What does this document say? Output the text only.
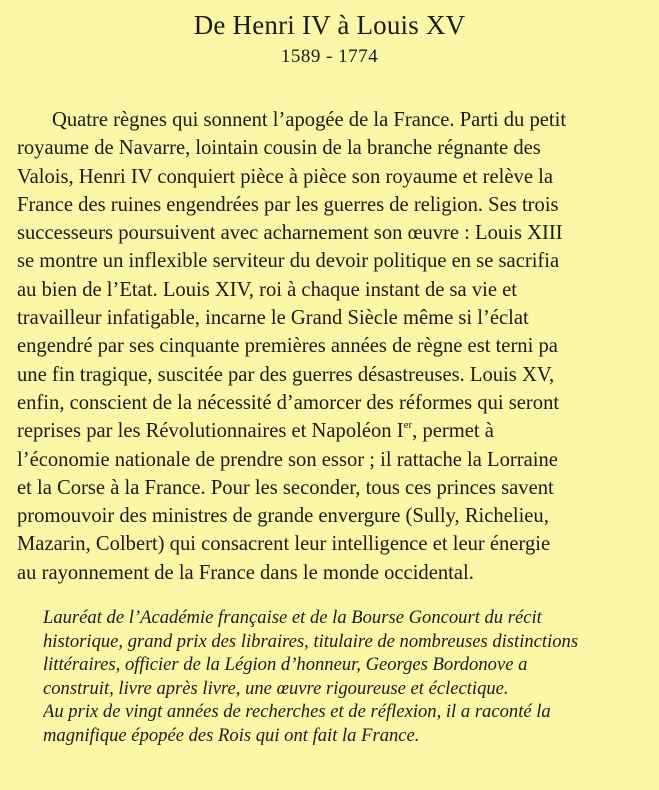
De Henri IV à Louis XV
1589 - 1774
Quatre règnes qui sonnent l’apogée de la France. Parti du petit
royaume de Navarre, lointain cousin de la branche régnante des
Valois, Henri IV conquiert pièce à pièce son royaume et relève la
France des ruines engendrées par les guerres de religion. Ses trois
successeurs poursuivent avec acharnement son œuvre : Louis XIII
se montre un inflexible serviteur du devoir politique en se sacrifia
au bien de l’Etat. Louis XIV, roi à chaque instant de sa vie et
travailleur infatigable, incarne le Grand Siècle même si l’éclat
engendré par ses cinquante premières années de règne est terni pa
une fin tragique, suscitée par des guerres désastreuses. Louis XV,
enfin, conscient de la nécessité d’amorcer des réformes qui seront
reprises par les Révolutionnaires et Napoléon Ier, permet à
l’économie nationale de prendre son essor ; il rattache la Lorraine
et la Corse à la France. Pour les seconder, tous ces princes savent
promouvoir des ministres de grande envergure (Sully, Richelieu,
Mazarin, Colbert) qui consacrent leur intelligence et leur énergie
au rayonnement de la France dans le monde occidental.
Lauréat de l’Académie française et de la Bourse Goncourt du récit
historique, grand prix des libraires, titulaire de nombreuses distinctions
littéraires, officier de la Légion d’honneur, Georges Bordonove a
construit, livre après livre, une œuvre rigoureuse et éclectique.
Au prix de vingt années de recherches et de réflexion, il a raconté la
magnifique épopée des Rois qui ont fait la France.
